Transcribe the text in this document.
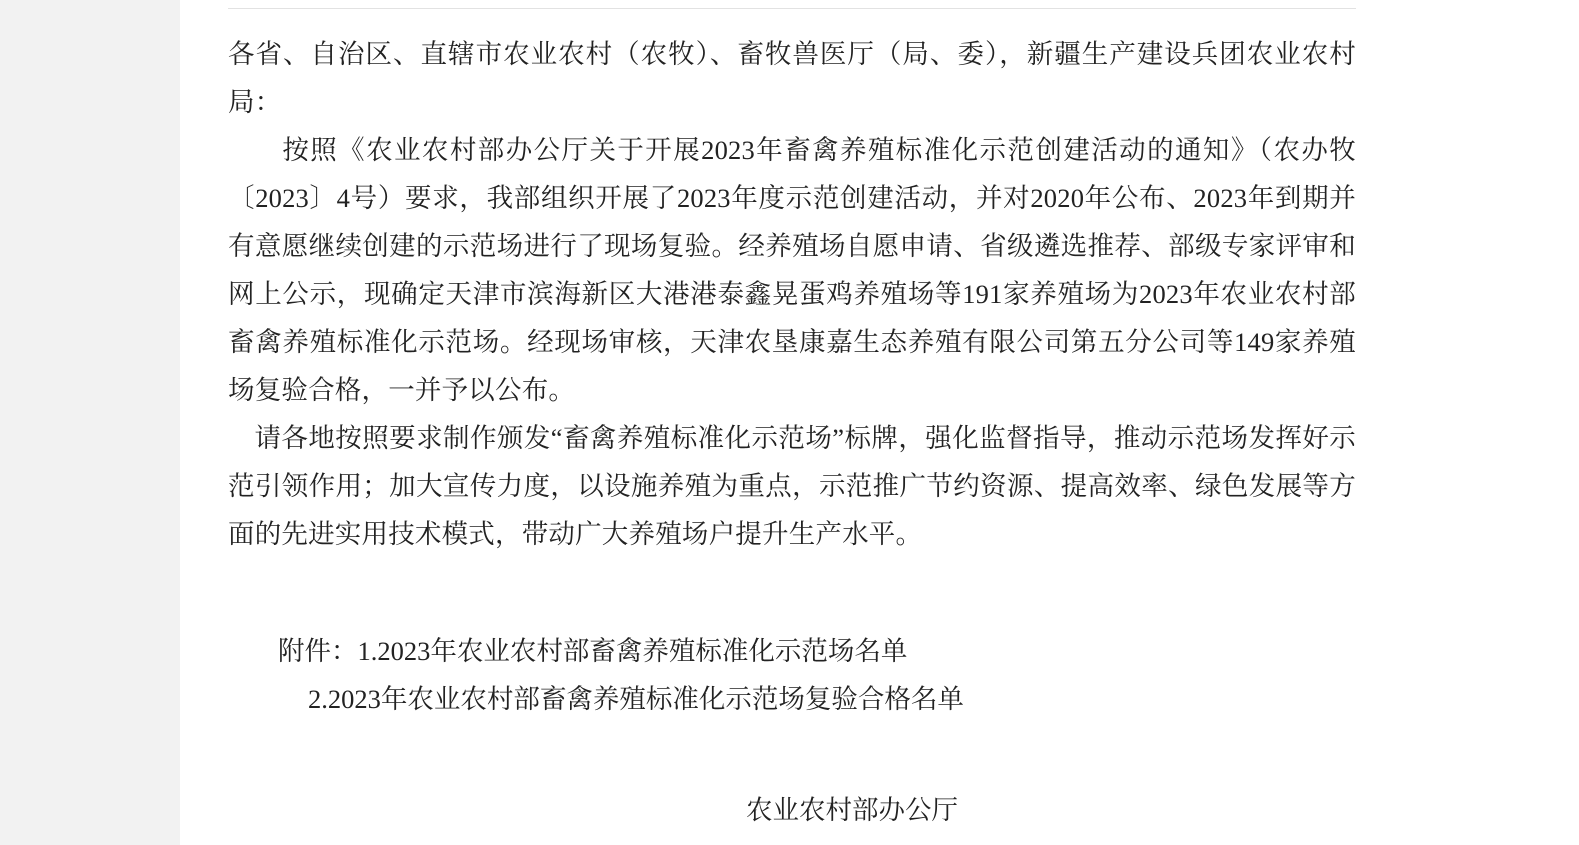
各省、自治区、直辖市农业农村（农牧）、畜牧兽医厅（局、委），新疆生产建设兵团农业农村局：

按照《农业农村部办公厅关于开展2023年畜禽养殖标准化示范创建活动的通知》（农办牧〔2023〕4号）要求，我部组织开展了2023年度示范创建活动，并对2020年公布、2023年到期并有意愿继续创建的示范场进行了现场复验。经养殖场自愿申请、省级遴选推荐、部级专家评审和网上公示，现确定天津市滨海新区大港港泰鑫晃蛋鸡养殖场等191家养殖场为2023年农业农村部畜禽养殖标准化示范场。经现场审核，天津农垦康嘉生态养殖有限公司第五分公司等149家养殖场复验合格，一并予以公布。

请各地按照要求制作颁发“畜禽养殖标准化示范场”标牌，强化监督指导，推动示范场发挥好示范引领作用；加大宣传力度，以设施养殖为重点，示范推广节约资源、提高效率、绿色发展等方面的先进实用技术模式，带动广大养殖场户提升生产水平。

附件：1.2023年农业农村部畜禽养殖标准化示范场名单
2.2023年农业农村部畜禽养殖标准化示范场复验合格名单
农业农村部办公厅
